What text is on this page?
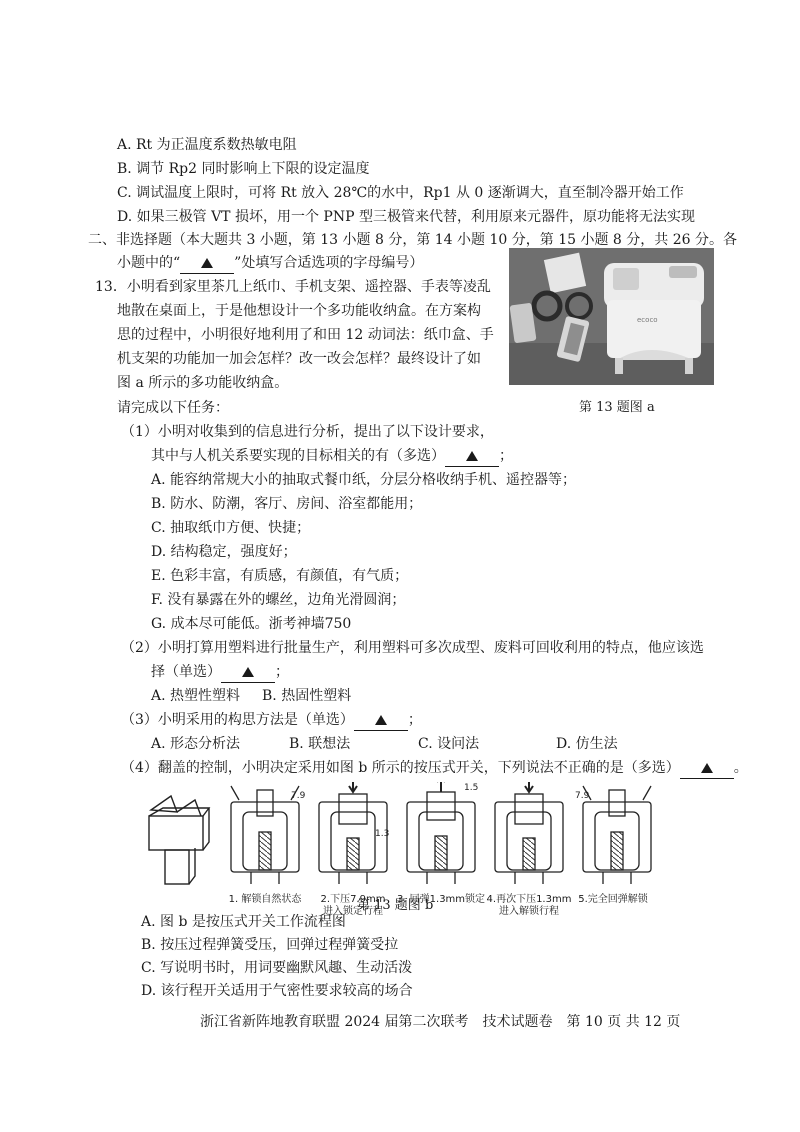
A. Rt 为正温度系数热敏电阻
B. 调节 Rp2 同时影响上下限的设定温度
C. 调试温度上限时，可将 Rt 放入 28℃的水中，Rp1 从 0 逐渐调大，直至制冷器开始工作
D. 如果三极管 VT 损坏，用一个 PNP 型三极管来代替，利用原来元器件，原功能将无法实现
二、非选择题（本大题共 3 小题，第 13 小题 8 分，第 14 小题 10 分，第 15 小题 8 分，共 26 分。各
小题中的“	”处填写合适选项的字母编号）
13．小明看到家里茶几上纸巾、手机支架、遥控器、手表等凌乱
地散在桌面上，于是他想设计一个多功能收纳盒。在方案构
思的过程中，小明很好地利用了和田 12 动词法：纸巾盒、手
机支架的功能加一加会怎样？改一改会怎样？最终设计了如
图 a 所示的多功能收纳盒。
请完成以下任务：
ecoco
第 13 题图 a
（1）小明对收集到的信息进行分析，提出了以下设计要求，
其中与人机关系要实现的目标相关的有（多选）	；
A. 能容纳常规大小的抽取式餐巾纸，分层分格收纳手机、遥控器等；
B. 防水、防潮，客厅、房间、浴室都能用；
C. 抽取纸巾方便、快捷；
D. 结构稳定，强度好；
E. 色彩丰富，有质感，有颜值，有气质；
F. 没有暴露在外的螺丝，边角光滑圆润；
G. 成本尽可能低。浙考神墙750
（2）小明打算用塑料进行批量生产，利用塑料可多次成型、废料可回收利用的特点，他应该选
择（单选）	；
A. 热塑性塑料 B. 热固性塑料
（3）小明采用的构思方法是（单选）	；
A. 形态分析法	B. 联想法	C. 设问法	D. 仿生法
（4）翻盖的控制，小明决定采用如图 b 所示的按压式开关，下列说法不正确的是（多选）	。
7.9
1.3
1.5
7.9
1. 解锁自然状态	2.下压7.9mm
进入锁定行程
3. 回弹1.3mm锁定 4.再次下压1.3mm
进入解锁行程
5.完全回弹解锁
第 13 题图 b
A. 图 b 是按压式开关工作流程图
B. 按压过程弹簧受压，回弹过程弹簧受拉
C. 写说明书时，用词要幽默风趣、生动活泼
D. 该行程开关适用于气密性要求较高的场合
浙江省新阵地教育联盟 2024 届第二次联考　技术试题卷　第 10 页 共 12 页
